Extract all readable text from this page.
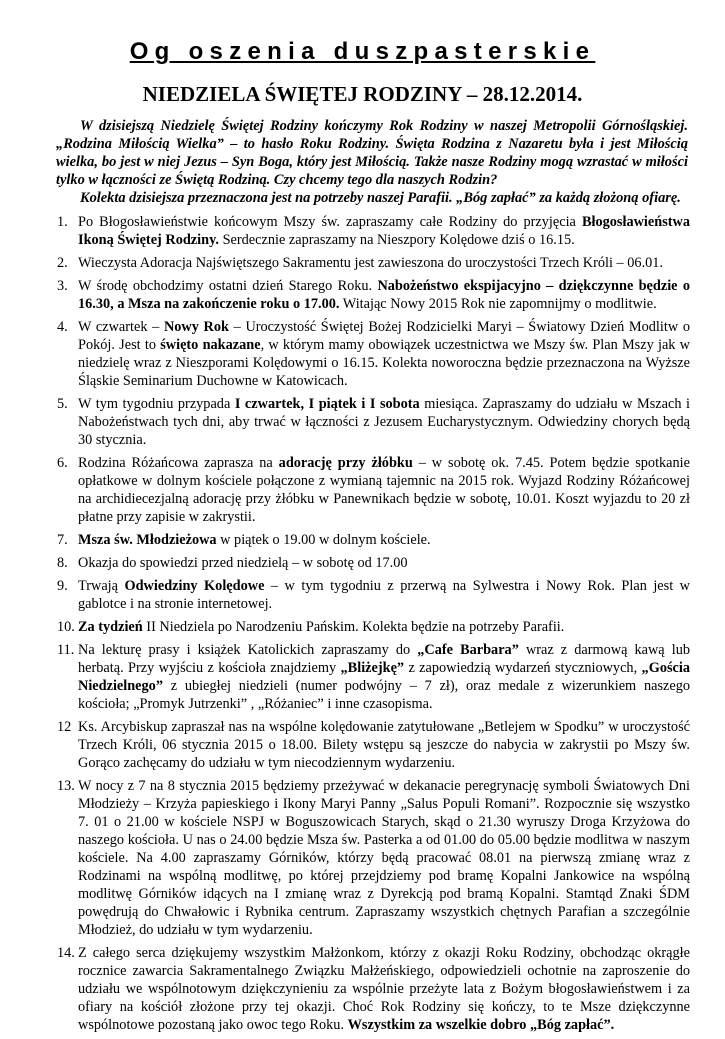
Og oszenia duszpasterskie
NIEDZIELA ŚWIĘTEJ RODZINY – 28.12.2014.

W dzisiejszą Niedzielę Świętej Rodziny kończymy Rok Rodziny w naszej Metropolii Górnośląskiej. „Rodzina Miłością Wielka” – to hasło Roku Rodziny. Święta Rodzina z Nazaretu była i jest Miłością wielka, bo jest w niej Jezus – Syn Boga, który jest Miłością. Także nasze Rodziny mogą wzrastać w miłości tylko w łączności ze Świętą Rodziną. Czy chcemy tego dla naszych Rodzin?

Kolekta dzisiejsza przeznaczona jest na potrzeby naszej Parafii. „Bóg zapłać” za każdą złożoną ofiarę.

1. Po Błogosławieństwie końcowym Mszy św. zapraszamy całe Rodziny do przyjęcia Błogosławieństwa Ikoną Świętej Rodziny. Serdecznie zapraszamy na Nieszpory Kolędowe dziś o 16.15.
2. Wieczysta Adoracja Najświętszego Sakramentu jest zawieszona do uroczystości Trzech Króli – 06.01.
3. W środę obchodzimy ostatni dzień Starego Roku. Nabożeństwo ekspijacyjno – dziękczynne będzie o 16.30, a Msza na zakończenie roku o 17.00. Witając Nowy 2015 Rok nie zapomnijmy o modlitwie.
4. W czwartek – Nowy Rok – Uroczystość Świętej Bożej Rodzicielki Maryi – Światowy Dzień Modlitw o Pokój. Jest to święto nakazane, w którym mamy obowiązek uczestnictwa we Mszy św. Plan Mszy jak w niedzielę wraz z Nieszporami Kolędowymi o 16.15. Kolekta noworoczna będzie przeznaczona na Wyższe Śląskie Seminarium Duchowne w Katowicach.
5. W tym tygodniu przypada I czwartek, I piątek i I sobota miesiąca. Zapraszamy do udziału w Mszach i Nabożeństwach tych dni, aby trwać w łączności z Jezusem Eucharystycznym. Odwiedziny chorych będą 30 stycznia.
6. Rodzina Różańcowa zaprasza na adorację przy żłóbku – w sobotę ok. 7.45. Potem będzie spotkanie opłatkowe w dolnym kościele połączone z wymianą tajemnic na 2015 rok. Wyjazd Rodziny Różańcowej na archidiecezjalną adorację przy żłóbku w Panewnikach będzie w sobotę, 10.01. Koszt wyjazdu to 20 zł płatne przy zapisie w zakrystii.
7. Msza św. Młodzieżowa w piątek o 19.00 w dolnym kościele.
8. Okazja do spowiedzi przed niedzielą – w sobotę od 17.00
9. Trwają Odwiedziny Kolędowe – w tym tygodniu z przerwą na Sylwestra i Nowy Rok. Plan jest w gablotce i na stronie internetowej.
10. Za tydzień II Niedziela po Narodzeniu Pańskim. Kolekta będzie na potrzeby Parafii.
11. Na lekturę prasy i książek Katolickich zapraszamy do „Cafe Barbara” wraz z darmową kawą lub herbatą. Przy wyjściu z kościoła znajdziemy „Bliżejkę” z zapowiedzią wydarzeń styczniowych, „Gościa Niedzielnego” z ubiegłej niedzieli (numer podwójny – 7 zł), oraz medale z wizerunkiem naszego kościoła; „Promyk Jutrzenki” , „Różaniec” i inne czasopisma.
12 Ks. Arcybiskup zapraszał nas na wspólne kolędowanie zatytułowane „Betlejem w Spodku” w uroczystość Trzech Króli, 06 stycznia 2015 o 18.00. Bilety wstępu są jeszcze do nabycia w zakrystii po Mszy św. Gorąco zachęcamy do udziału w tym niecodziennym wydarzeniu.
13. W nocy z 7 na 8 stycznia 2015 będziemy przeżywać w dekanacie peregrynację symboli Światowych Dni Młodzieży – Krzyża papieskiego i Ikony Maryi Panny „Salus Populi Romani”. Rozpocznie się wszystko 7. 01 o 21.00 w kościele NSPJ w Boguszowicach Starych, skąd o 21.30 wyruszy Droga Krzyżowa do naszego kościoła. U nas o 24.00 będzie Msza św. Pasterka a od 01.00 do 05.00 będzie modlitwa w naszym kościele. Na 4.00 zapraszamy Górników, którzy będą pracować 08.01 na pierwszą zmianę wraz z Rodzinami na wspólną modlitwę, po której przejdziemy pod bramę Kopalni Jankowice na wspólną modlitwę Górników idących na I zmianę wraz z Dyrekcją pod bramą Kopalni. Stamtąd Znaki ŚDM powędrują do Chwałowic i Rybnika centrum. Zapraszamy wszystkich chętnych Parafian a szczególnie Młodzież, do udziału w tym wydarzeniu.
14. Z całego serca dziękujemy wszystkim Małżonkom, którzy z okazji Roku Rodziny, obchodząc okrągłe rocznice zawarcia Sakramentalnego Związku Małżeńskiego, odpowiedzieli ochotnie na zaproszenie do udziału we wspólnotowym dziękczynieniu za wspólnie przeżyte lata z Bożym błogosławieństwem i za ofiary na kościół złożone przy tej okazji. Choć Rok Rodziny się kończy, to te Msze dziękczynne wspólnotowe pozostaną jako owoc tego Roku. Wszystkim za wszelkie dobro „Bóg zapłać”.
